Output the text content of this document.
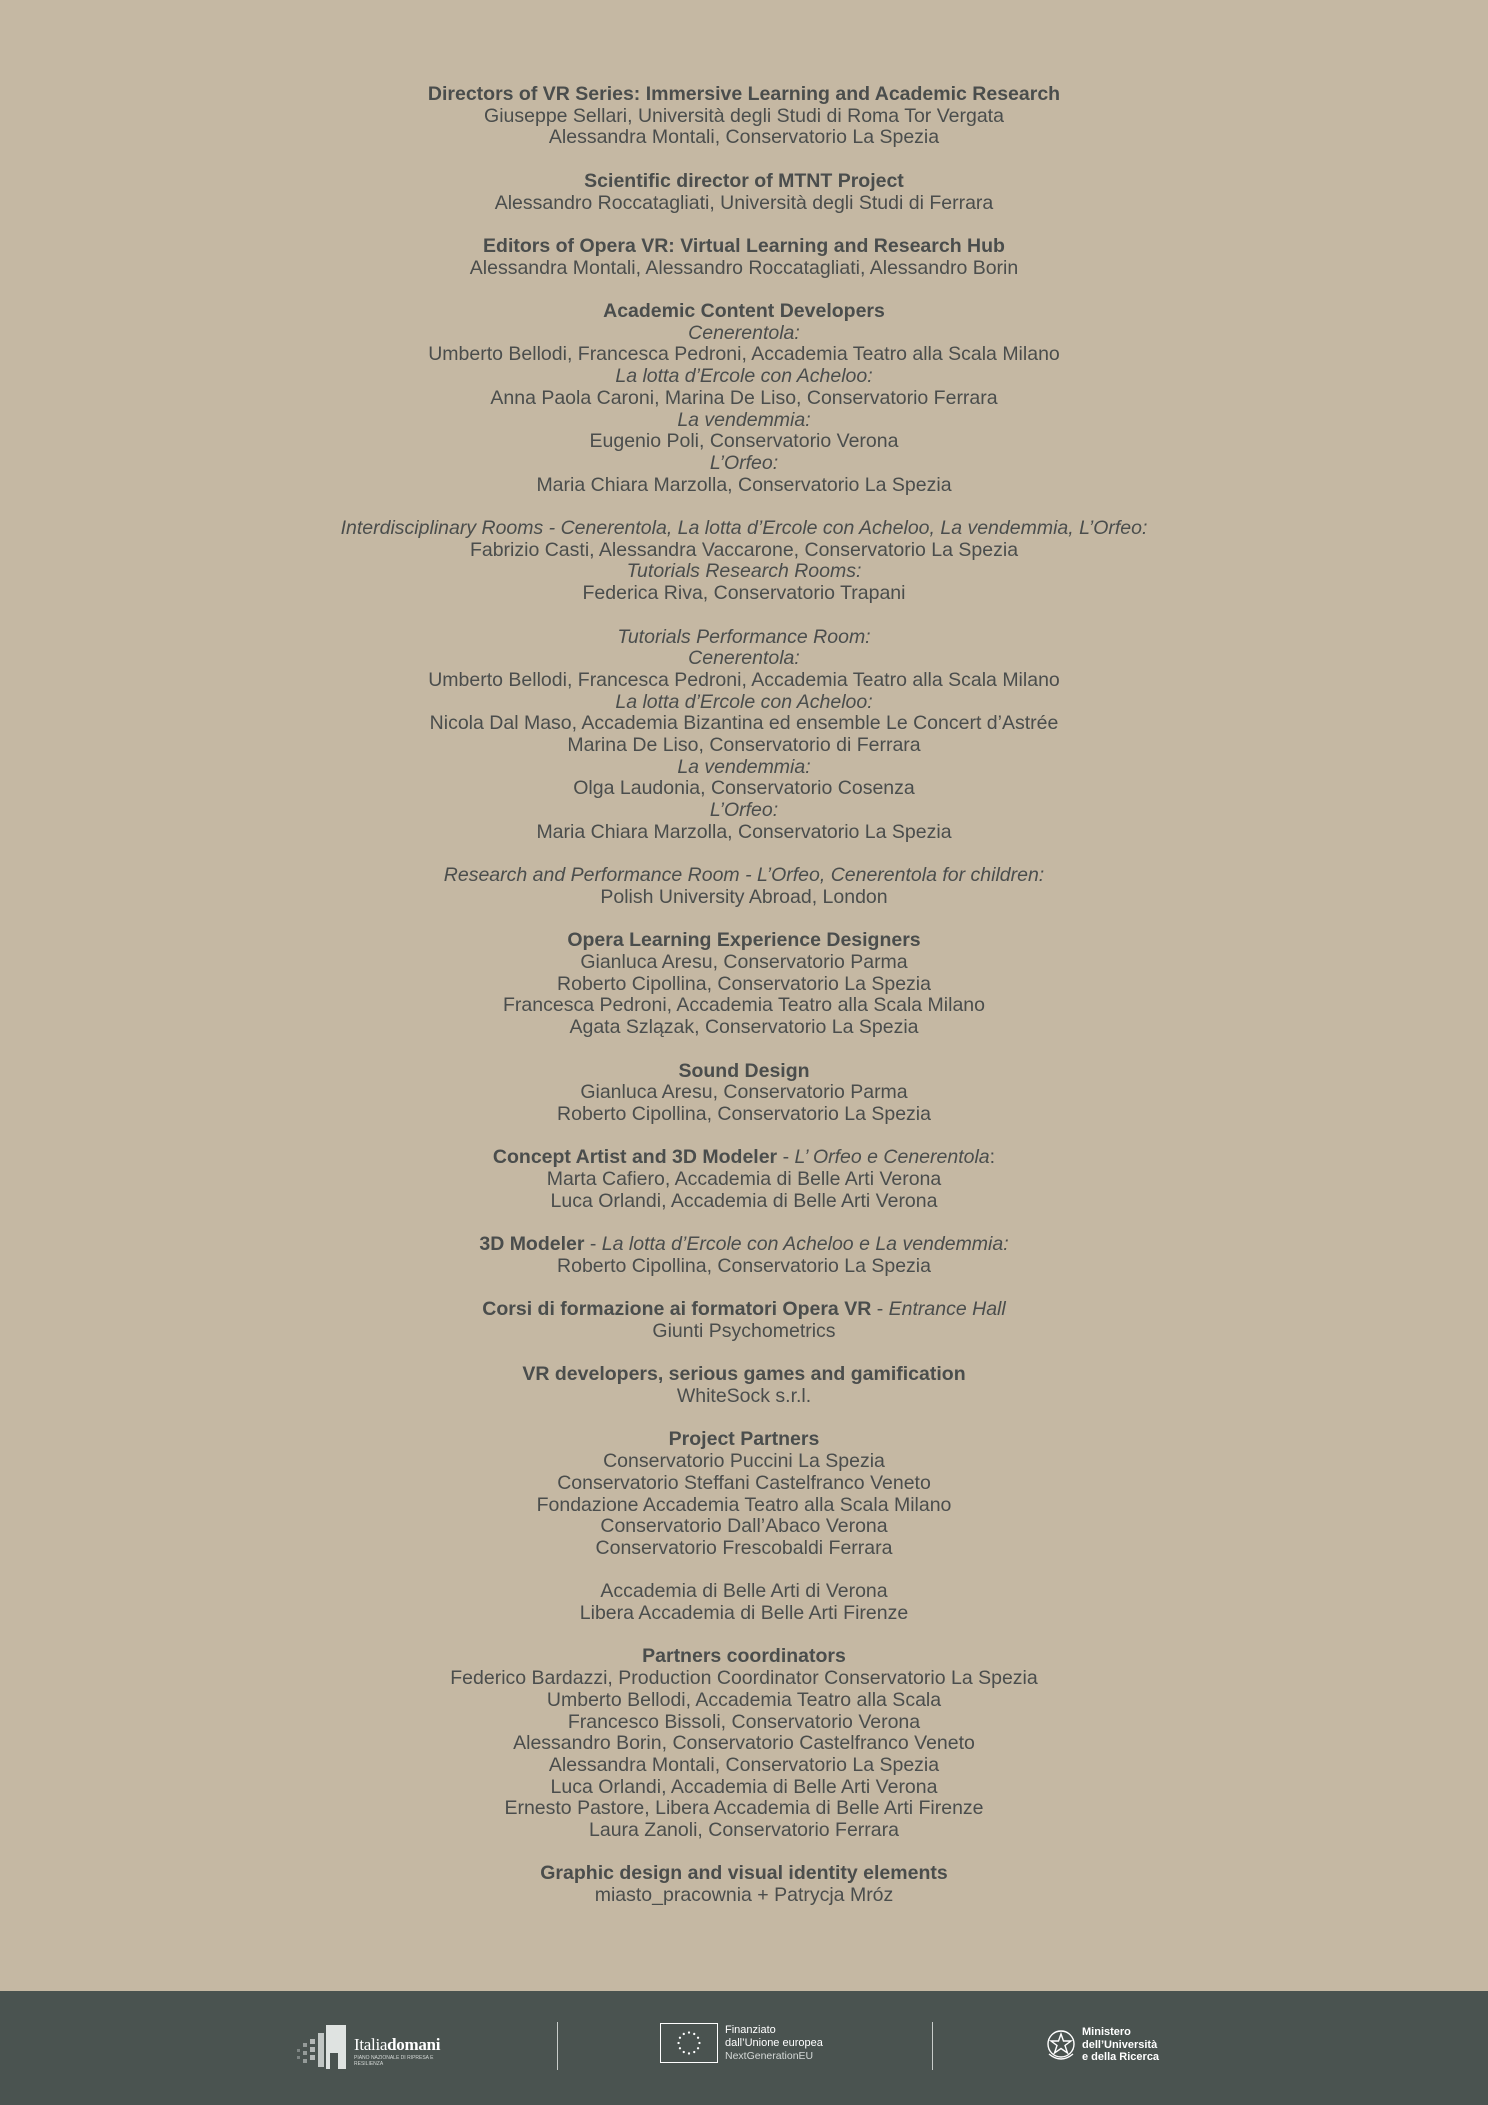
Directors of VR Series: Immersive Learning and Academic Research
Giuseppe Sellari, Università degli Studi di Roma Tor Vergata
Alessandra Montali, Conservatorio La Spezia
Scientific director of MTNT Project
Alessandro Roccatagliati, Università degli Studi di Ferrara
Editors of Opera VR: Virtual Learning and Research Hub
Alessandra Montali, Alessandro Roccatagliati, Alessandro Borin
Academic Content Developers
Cenerentola:
Umberto Bellodi, Francesca Pedroni, Accademia Teatro alla Scala Milano
La lotta d’Ercole con Acheloo:
Anna Paola Caroni, Marina De Liso, Conservatorio Ferrara
La vendemmia:
Eugenio Poli, Conservatorio Verona
L’Orfeo:
Maria Chiara Marzolla, Conservatorio La Spezia
Interdisciplinary Rooms - Cenerentola, La lotta d’Ercole con Acheloo, La vendemmia, L’Orfeo:
Fabrizio Casti, Alessandra Vaccarone, Conservatorio La Spezia
Tutorials Research Rooms:
Federica Riva, Conservatorio Trapani
Tutorials Performance Room:
Cenerentola:
Umberto Bellodi, Francesca Pedroni, Accademia Teatro alla Scala Milano
La lotta d’Ercole con Acheloo:
Nicola Dal Maso, Accademia Bizantina ed ensemble Le Concert d’Astrée
Marina De Liso, Conservatorio di Ferrara
La vendemmia:
Olga Laudonia, Conservatorio Cosenza
L’Orfeo:
Maria Chiara Marzolla, Conservatorio La Spezia
Research and Performance Room - L’Orfeo, Cenerentola for children:
Polish University Abroad, London
Opera Learning Experience Designers
Gianluca Aresu, Conservatorio Parma
Roberto Cipollina, Conservatorio La Spezia
Francesca Pedroni, Accademia Teatro alla Scala Milano
Agata Szlązak, Conservatorio La Spezia
Sound Design
Gianluca Aresu, Conservatorio Parma
Roberto Cipollina, Conservatorio La Spezia
Concept Artist and 3D Modeler - L’ Orfeo e Cenerentola:
Marta Cafiero, Accademia di Belle Arti Verona
Luca Orlandi, Accademia di Belle Arti Verona
3D Modeler - La lotta d’Ercole con Acheloo e La vendemmia:
Roberto Cipollina, Conservatorio La Spezia
Corsi di formazione ai formatori Opera VR - Entrance Hall
Giunti Psychometrics
VR developers, serious games and gamification
WhiteSock s.r.l.
Project Partners
Conservatorio Puccini La Spezia
Conservatorio Steffani Castelfranco Veneto
Fondazione Accademia Teatro alla Scala Milano
Conservatorio Dall’Abaco Verona
Conservatorio Frescobaldi Ferrara
Accademia di Belle Arti di Verona
Libera Accademia di Belle Arti Firenze
Partners coordinators
Federico Bardazzi, Production Coordinator Conservatorio La Spezia
Umberto Bellodi, Accademia Teatro alla Scala
Francesco Bissoli, Conservatorio Verona
Alessandro Borin, Conservatorio Castelfranco Veneto
Alessandra Montali, Conservatorio La Spezia
Luca Orlandi, Accademia di Belle Arti Verona
Ernesto Pastore, Libera Accademia di Belle Arti Firenze
Laura Zanoli, Conservatorio Ferrara
Graphic design and visual identity elements
miasto_pracownia + Patrycja Mróz
Italiadomani
PIANO NAZIONALE DI RIPRESA E RESILIENZA
Finanziato
dall’Unione europea
NextGenerationEU
Ministero
dell’Università
e della Ricerca
